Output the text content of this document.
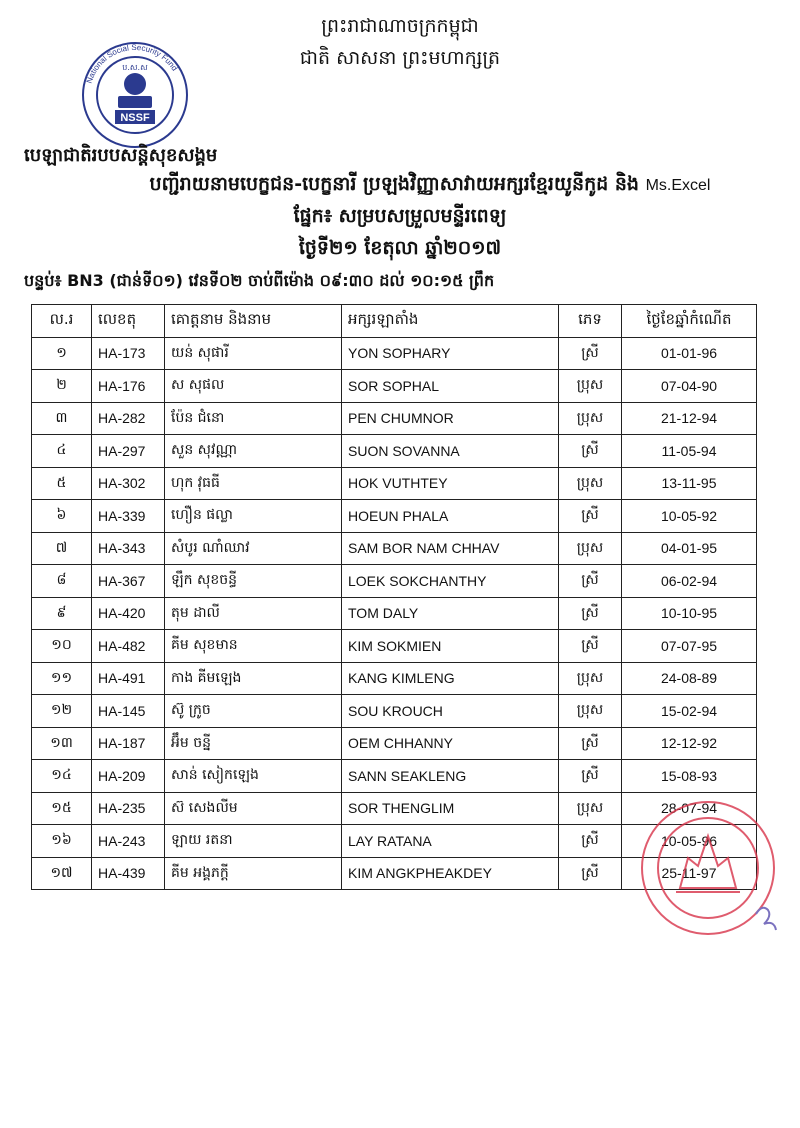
ព្រះរាជាណាចក្រកម្ពុជា
ជាតិ សាសនា ព្រះមហាក្សត្រ
National Social Security Fund
ប.ស.ស
NSSF
បេឡាជាតិរបបសន្តិសុខសង្គម
បញ្ជីរាយនាមបេក្ខជន-បេក្ខនារី ប្រឡងវិញ្ញាសាវាយអក្សរខ្មែរយូនីកូដ និង Ms.Excel
ផ្នែក៖ សម្របសម្រួលមន្ទីរពេទ្យ
ថ្ងៃទី២១ ខែតុលា ឆ្នាំ២០១៧
បន្ទប់៖ BN3 (ជាន់ទី០១) វេនទី០២ ចាប់ពីម៉ោង ០៩:៣០ ដល់ ១០:១៥ ព្រឹក
ល.រ	លេខតុ	គោត្តនាម និងនាម	អក្សរឡាតាំង	ភេទ	ថ្ងៃខែឆ្នាំកំណើត
១	HA-173	យន់ សុផារី	YON SOPHARY	ស្រី	01-01-96
២	HA-176	ស សុផល	SOR SOPHAL	ប្រុស	07-04-90
៣	HA-282	ប៉ែន ជំនោ	PEN CHUMNOR	ប្រុស	21-12-94
៤	HA-297	សួន សុវណ្ណា	SUON SOVANNA	ស្រី	11-05-94
៥	HA-302	ហុក វុធធី	HOK VUTHTEY	ប្រុស	13-11-95
៦	HA-339	ហឿន ផល្លា	HOEUN PHALA	ស្រី	10-05-92
៧	HA-343	សំបូរ ណាំឈាវ	SAM BOR NAM CHHAV	ប្រុស	04-01-95
៨	HA-367	ឡឹក សុខចន្ធី	LOEK SOKCHANTHY	ស្រី	06-02-94
៩	HA-420	តុម ដាលី	TOM DALY	ស្រី	10-10-95
១០	HA-482	គីម សុខមាន	KIM SOKMIEN	ស្រី	07-07-95
១១	HA-491	កាង គីមឡេង	KANG KIMLENG	ប្រុស	24-08-89
១២	HA-145	ស៊ូ ក្រូច	SOU KROUCH	ប្រុស	15-02-94
១៣	HA-187	អ៊ឹម ចន្នី	OEM CHHANNY	ស្រី	12-12-92
១៤	HA-209	សាន់ សៀកឡេង	SANN SEAKLENG	ស្រី	15-08-93
១៥	HA-235	ស៊ សេងលីម	SOR THENGLIM	ប្រុស	28-07-94
១៦	HA-243	ឡាយ រតនា	LAY RATANA	ស្រី	10-05-96
១៧	HA-439	គីម អង្គភក្តី	KIM ANGKPHEAKDEY	ស្រី	25-11-97
